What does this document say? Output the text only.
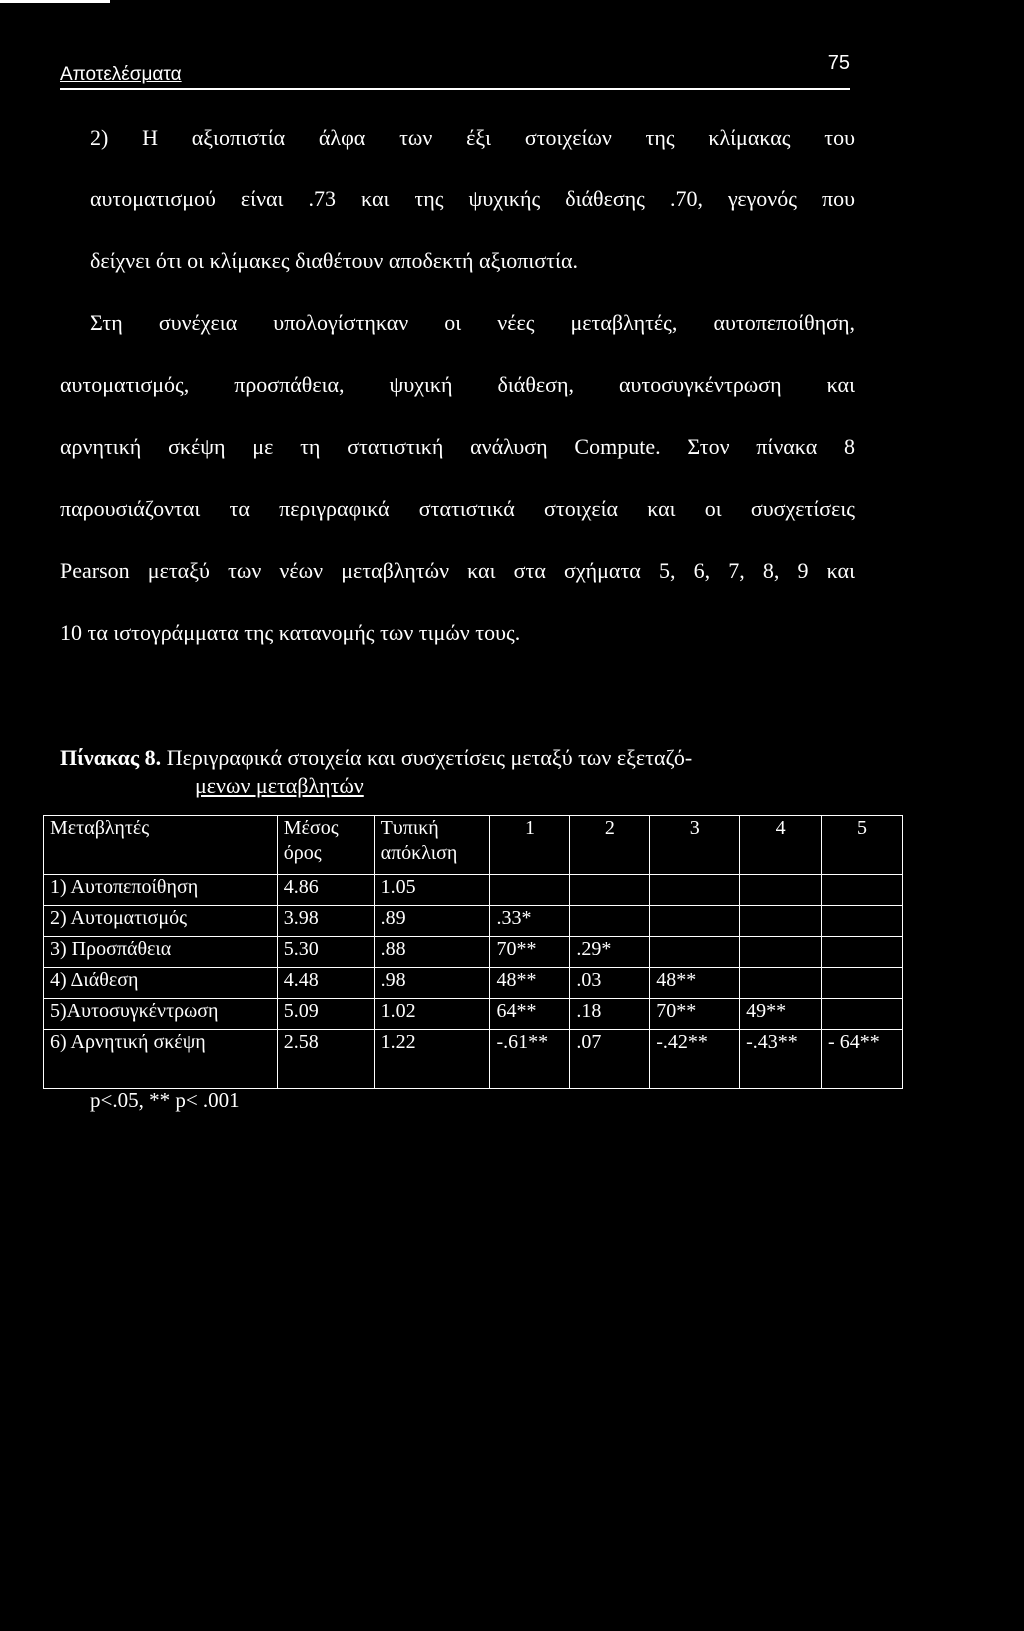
Αποτελέσματα
75
2) Η αξιοπιστία άλφα των έξι στοιχείων της κλίμακας του
αυτοματισμού είναι .73 και της ψυχικής διάθεσης .70, γεγονός που
δείχνει ότι οι κλίμακες διαθέτουν αποδεκτή αξιοπιστία.
Στη συνέχεια υπολογίστηκαν οι νέες μεταβλητές, αυτοπεποίθηση,
αυτοματισμός, προσπάθεια, ψυχική διάθεση, αυτοσυγκέντρωση και
αρνητική σκέψη με τη στατιστική ανάλυση Compute. Στον πίνακα 8
παρουσιάζονται τα περιγραφικά στατιστικά στοιχεία και οι συσχετίσεις
Pearson μεταξύ των νέων μεταβλητών και στα σχήματα 5, 6, 7, 8, 9 και
10 τα ιστογράμματα της κατανομής των τιμών τους.
Πίνακας 8. Περιγραφικά στοιχεία και συσχετίσεις μεταξύ των εξεταζό-
μενων μεταβλητών
Μεταβλητές	Μέσος όρος	Τυπική απόκλιση	1	2	3	4	5
1) Αυτοπεποίθηση	4.86	1.05					
2) Αυτοματισμός	3.98	.89	.33*				
3) Προσπάθεια	5.30	.88	70**	.29*			
4) Διάθεση	4.48	.98	48**	.03	48**		
5)Αυτοσυγκέντρωση	5.09	1.02	64**	.18	70**	49**	
6) Αρνητική σκέψη	2.58	1.22	-.61**	.07	-.42**	-.43**	- 64**
p<.05, ** p< .001
